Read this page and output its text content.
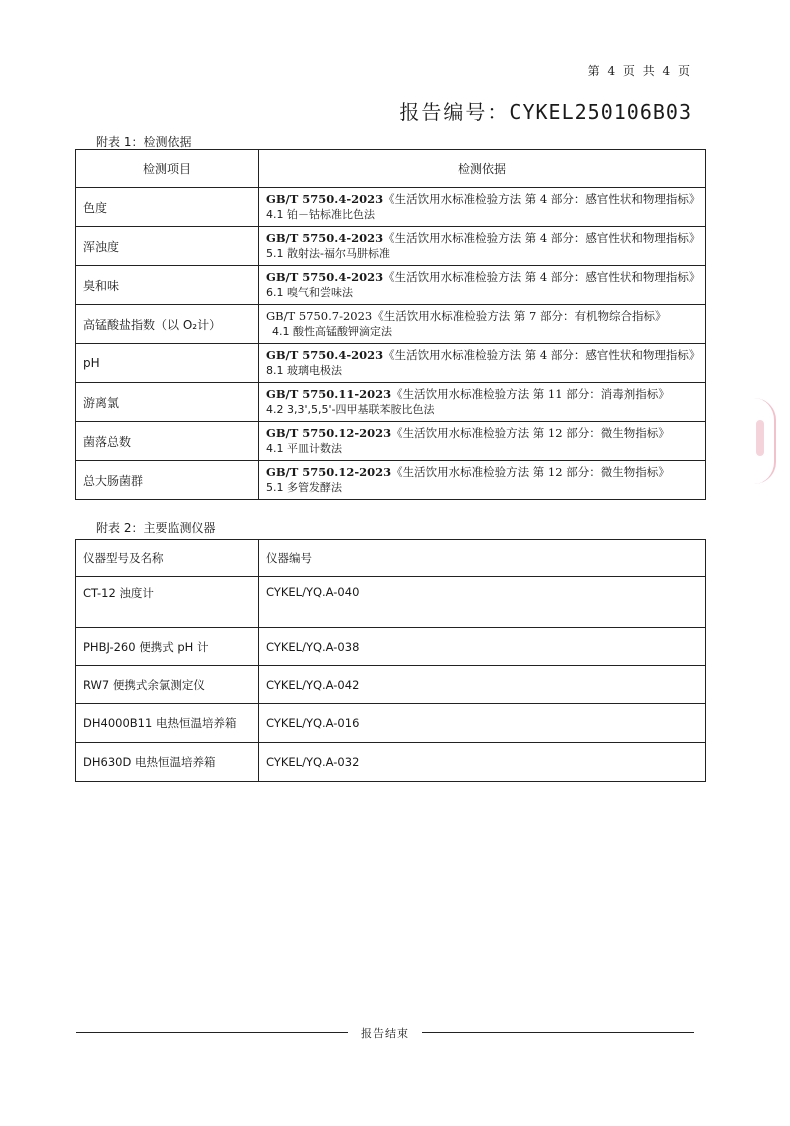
第 4 页 共 4 页
报告编号：CYKEL250106B03
附表 1：检测依据
检测项目	检测依据
色度	GB/T 5750.4-2023《生活饮用水标准检验方法 第 4 部分：感官性状和物理指标》
4.1 铂－钴标准比色法

浑浊度	GB/T 5750.4-2023《生活饮用水标准检验方法 第 4 部分：感官性状和物理指标》
5.1 散射法-福尔马肼标准

臭和味	GB/T 5750.4-2023《生活饮用水标准检验方法 第 4 部分：感官性状和物理指标》
6.1 嗅气和尝味法

高锰酸盐指数（以 O₂计）	GB/T 5750.7-2023《生活饮用水标准检验方法 第 7 部分：有机物综合指标》
4.1 酸性高锰酸钾滴定法

pH	GB/T 5750.4-2023《生活饮用水标准检验方法 第 4 部分：感官性状和物理指标》
8.1 玻璃电极法

游离氯	GB/T 5750.11-2023《生活饮用水标准检验方法 第 11 部分：消毒剂指标》
4.2 3,3',5,5'-四甲基联苯胺比色法

菌落总数	GB/T 5750.12-2023《生活饮用水标准检验方法 第 12 部分：微生物指标》
4.1 平皿计数法

总大肠菌群	GB/T 5750.12-2023《生活饮用水标准检验方法 第 12 部分：微生物指标》
5.1 多管发酵法
附表 2：主要监测仪器
仪器型号及名称	仪器编号
CT-12 浊度计	CYKEL/YQ.A-040
PHBJ-260 便携式 pH 计	CYKEL/YQ.A-038
RW7 便携式余氯测定仪	CYKEL/YQ.A-042
DH4000B11 电热恒温培养箱	CYKEL/YQ.A-016
DH630D 电热恒温培养箱	CYKEL/YQ.A-032
报告结束
